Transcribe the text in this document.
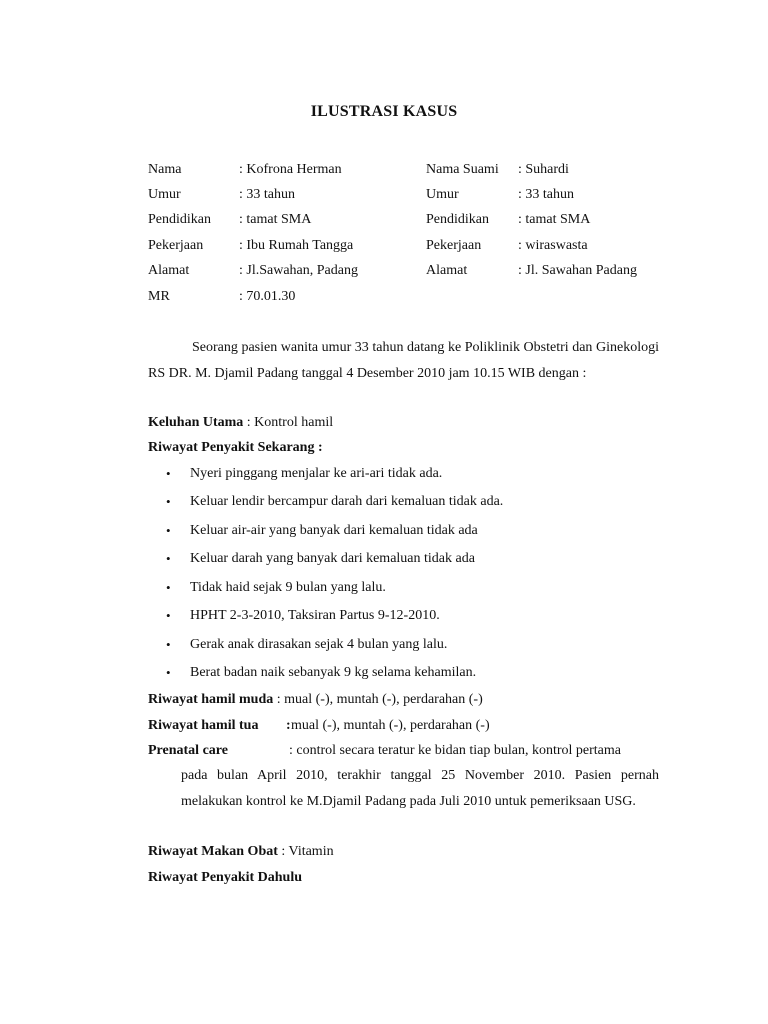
ILUSTRASI KASUS
Nama	: Kofrona Herman	Nama Suami : Suhardi
Umur	: 33 tahun	Umur	: 33 tahun
Pendidikan : tamat SMA	Pendidikan : tamat SMA
Pekerjaan	: Ibu Rumah Tangga	Pekerjaan	: wiraswasta
Alamat	: Jl.Sawahan, Padang	Alamat	: Jl. Sawahan Padang
MR	: 70.01.30
Seorang pasien wanita umur 33 tahun datang ke Poliklinik Obstetri dan Ginekologi RS DR. M. Djamil Padang tanggal 4 Desember 2010 jam 10.15 WIB dengan :
Keluhan Utama : Kontrol hamil
Riwayat Penyakit Sekarang :
• Nyeri pinggang menjalar ke ari-ari tidak ada.
• Keluar lendir bercampur darah dari kemaluan tidak ada.
• Keluar air-air yang banyak dari kemaluan tidak ada
• Keluar darah yang banyak dari kemaluan tidak ada
• Tidak haid sejak 9 bulan yang lalu.
• HPHT 2-3-2010, Taksiran Partus 9-12-2010.
• Gerak anak dirasakan sejak 4 bulan yang lalu.
• Berat badan naik sebanyak 9 kg selama kehamilan.
Riwayat hamil muda : mual (-), muntah (-), perdarahan (-)
Riwayat hamil tua : mual (-), muntah (-), perdarahan (-)
Prenatal care	: control secara teratur ke bidan tiap bulan, kontrol pertama
pada bulan April 2010, terakhir tanggal 25 November 2010. Pasien pernah melakukan kontrol ke M.Djamil Padang pada Juli 2010 untuk pemeriksaan USG.
Riwayat Makan Obat : Vitamin
Riwayat Penyakit Dahulu
